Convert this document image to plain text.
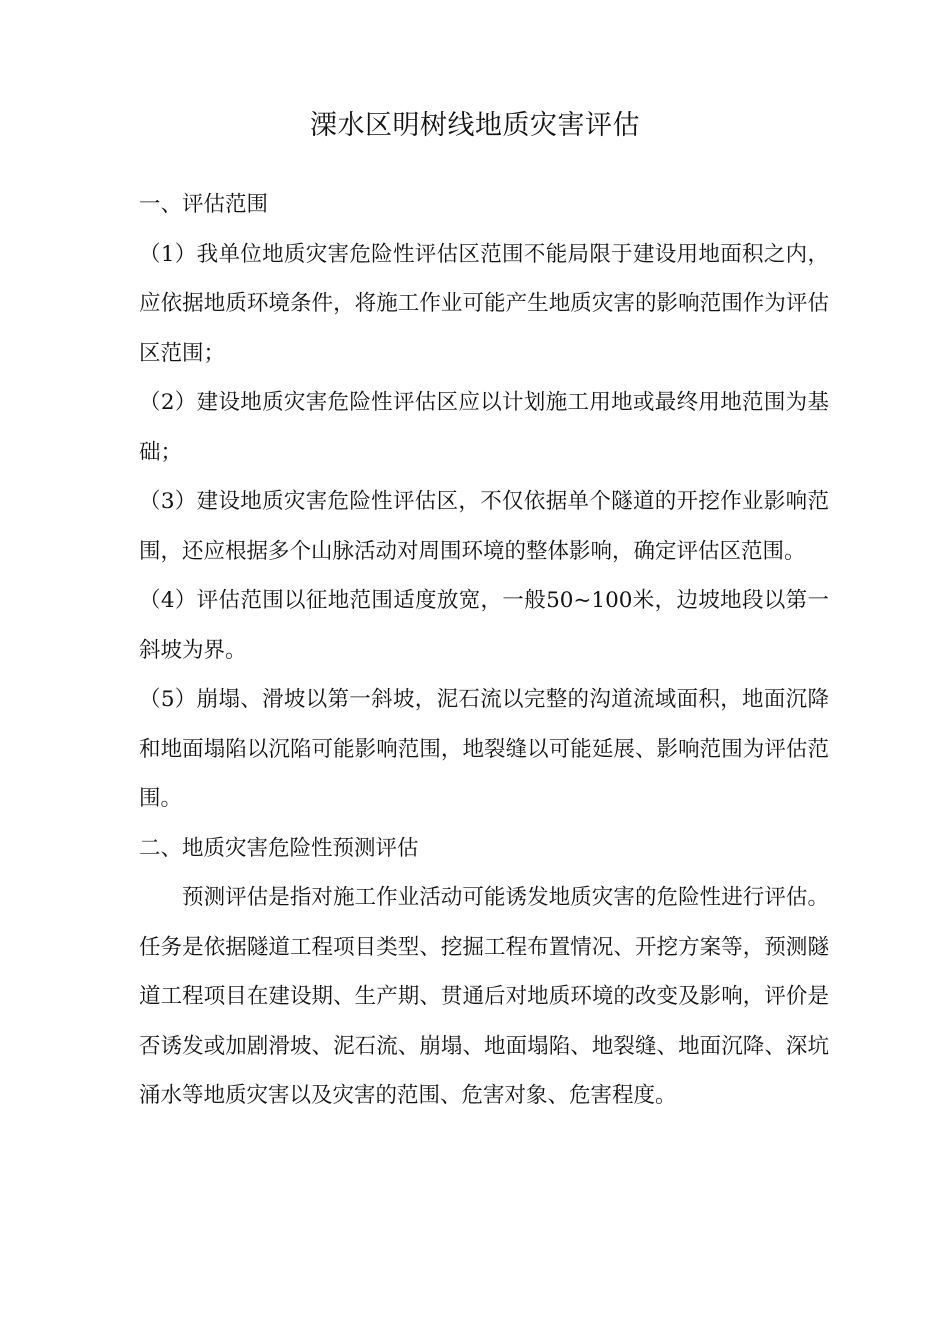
溧水区明树线地质灾害评估

一、评估范围

（1）我单位地质灾害危险性评估区范围不能局限于建设用地面积之内，应依据地质环境条件，将施工作业可能产生地质灾害的影响范围作为评估区范围；

（2）建设地质灾害危险性评估区应以计划施工用地或最终用地范围为基础；

（3）建设地质灾害危险性评估区，不仅依据单个隧道的开挖作业影响范围，还应根据多个山脉活动对周围环境的整体影响，确定评估区范围。

（4）评估范围以征地范围适度放宽，一般50~100米，边坡地段以第一斜坡为界。

（5）崩塌、滑坡以第一斜坡，泥石流以完整的沟道流域面积，地面沉降和地面塌陷以沉陷可能影响范围，地裂缝以可能延展、影响范围为评估范围。

二、地质灾害危险性预测评估

预测评估是指对施工作业活动可能诱发地质灾害的危险性进行评估。任务是依据隧道工程项目类型、挖掘工程布置情况、开挖方案等，预测隧道工程项目在建设期、生产期、贯通后对地质环境的改变及影响，评价是否诱发或加剧滑坡、泥石流、崩塌、地面塌陷、地裂缝、地面沉降、深坑涌水等地质灾害以及灾害的范围、危害对象、危害程度。
